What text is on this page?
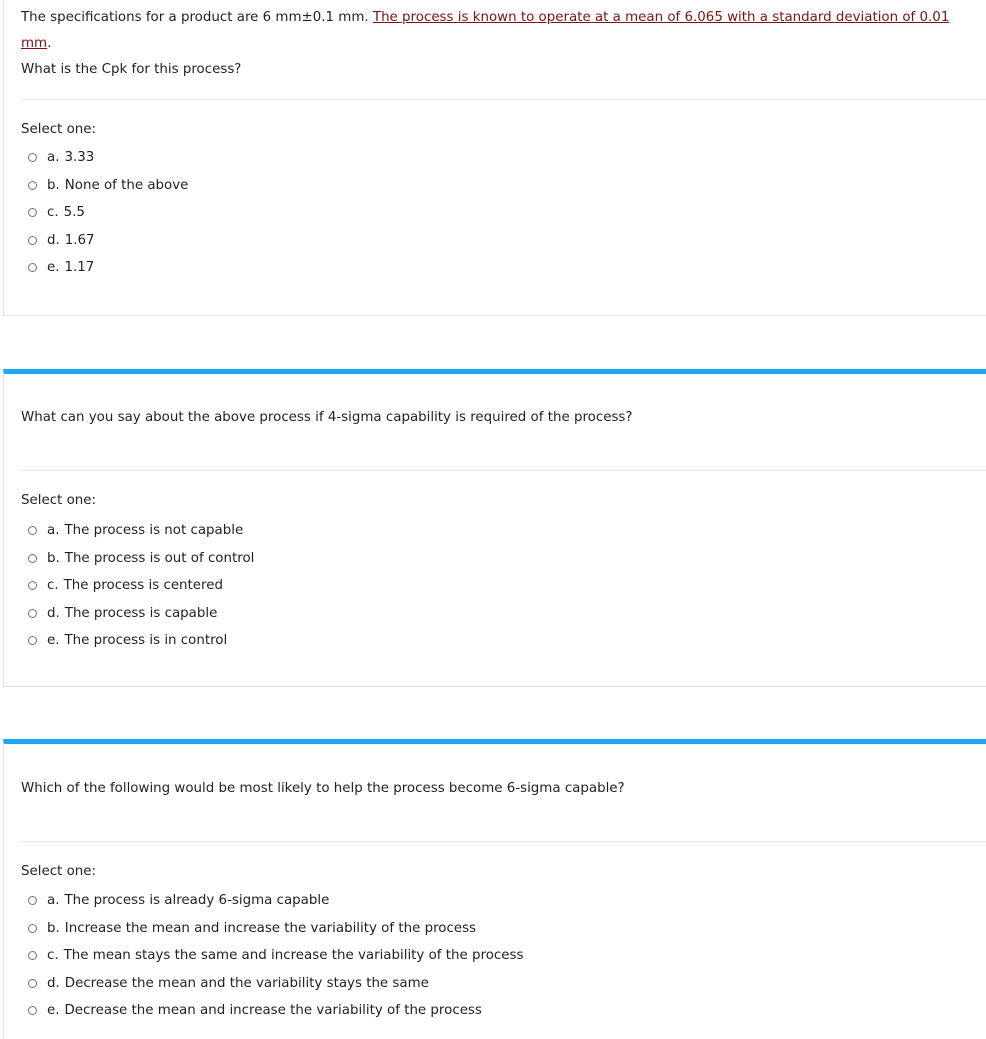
The specifications for a product are 6 mm±0.1 mm. The process is known to operate at a mean of 6.065 with a standard deviation of 0.01 mm.
What is the Cpk for this process?
Select one:
a. 3.33
b. None of the above
c. 5.5
d. 1.67
e. 1.17
What can you say about the above process if 4-sigma capability is required of the process?
Select one:
a. The process is not capable
b. The process is out of control
c. The process is centered
d. The process is capable
e. The process is in control
Which of the following would be most likely to help the process become 6-sigma capable?
Select one:
a. The process is already 6-sigma capable
b. Increase the mean and increase the variability of the process
c. The mean stays the same and increase the variability of the process
d. Decrease the mean and the variability stays the same
e. Decrease the mean and increase the variability of the process
